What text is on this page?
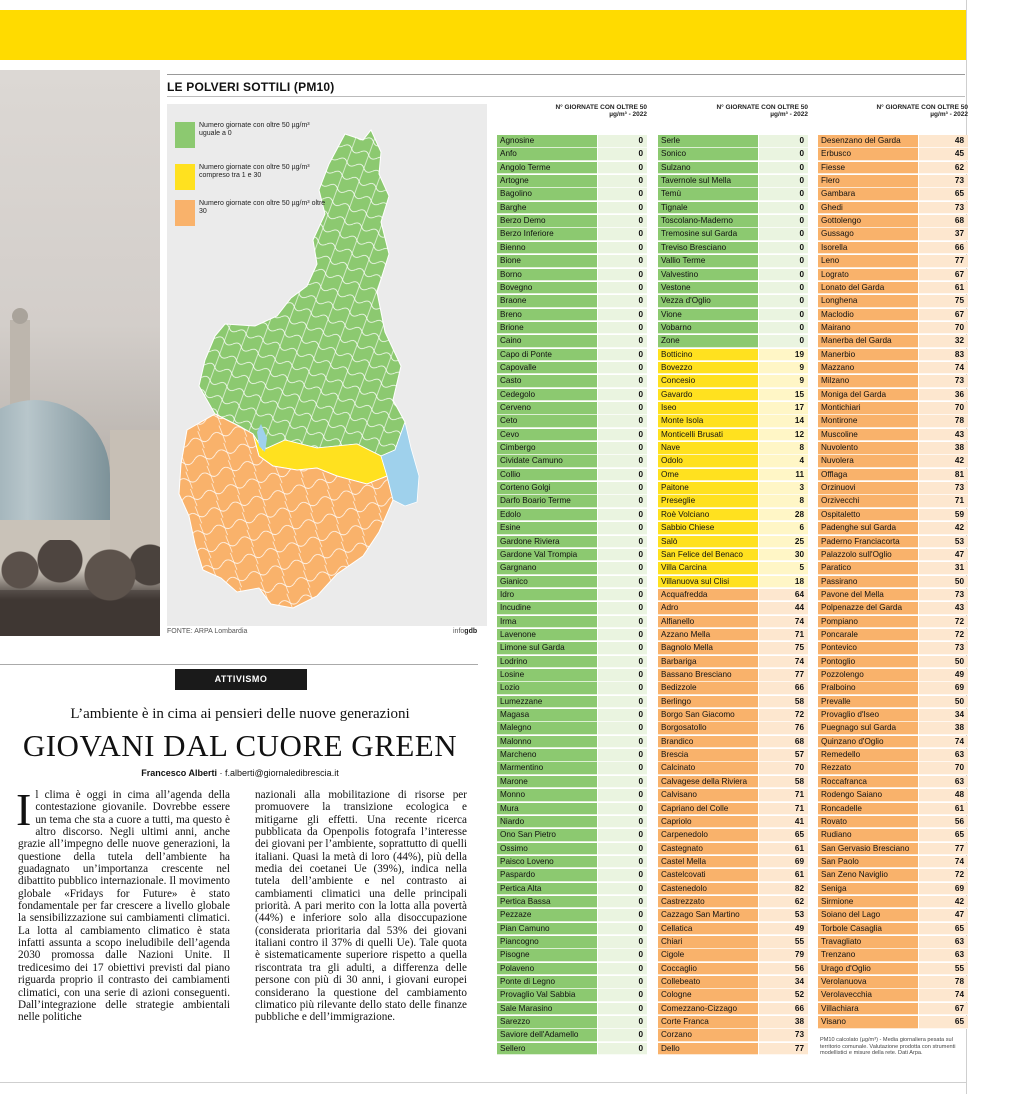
LE POLVERI SOTTILI (PM10)
Numero giornate con oltre 50 µg/m³ uguale a 0
Numero giornate con oltre 50 µg/m³ compreso tra 1 e 30
Numero giornate con oltre 50 µg/m³ oltre 30
FONTE: ARPA Lombardia	infogdb
N° GIORNATE CON OLTRE 50 µg/m³ - 2022
Agnosine	0
Anfo	0
Angolo Terme	0
Artogne	0
Bagolino	0
Barghe	0
Berzo Demo	0
Berzo Inferiore	0
Bienno	0
Bione	0
Borno	0
Bovegno	0
Braone	0
Breno	0
Brione	0
Caino	0
Capo di Ponte	0
Capovalle	0
Casto	0
Cedegolo	0
Cerveno	0
Ceto	0
Cevo	0
Cimbergo	0
Cividate Camuno	0
Collio	0
Corteno Golgi	0
Darfo Boario Terme	0
Edolo	0
Esine	0
Gardone Riviera	0
Gardone Val Trompia	0
Gargnano	0
Gianico	0
Idro	0
Incudine	0
Irma	0
Lavenone	0
Limone sul Garda	0
Lodrino	0
Losine	0
Lozio	0
Lumezzane	0
Magasa	0
Malegno	0
Malonno	0
Marcheno	0
Marmentino	0
Marone	0
Monno	0
Mura	0
Niardo	0
Ono San Pietro	0
Ossimo	0
Paisco Loveno	0
Paspardo	0
Pertica Alta	0
Pertica Bassa	0
Pezzaze	0
Pian Camuno	0
Piancogno	0
Pisogne	0
Polaveno	0
Ponte di Legno	0
Provaglio Val Sabbia	0
Sale Marasino	0
Sarezzo	0
Saviore dell'Adamello	0
Sellero	0
N° GIORNATE CON OLTRE 50 µg/m³ - 2022
Serle	0
Sonico	0
Sulzano	0
Tavernole sul Mella	0
Temù	0
Tignale	0
Toscolano-Maderno	0
Tremosine sul Garda	0
Treviso Bresciano	0
Vallio Terme	0
Valvestino	0
Vestone	0
Vezza d'Oglio	0
Vione	0
Vobarno	0
Zone	0
Botticino	19
Bovezzo	9
Concesio	9
Gavardo	15
Iseo	17
Monte Isola	14
Monticelli Brusati	12
Nave	8
Odolo	4
Ome	11
Paitone	3
Preseglie	8
Roè Volciano	28
Sabbio Chiese	6
Salò	25
San Felice del Benaco	30
Villa Carcina	5
Villanuova sul Clisi	18
Acquafredda	64
Adro	44
Alfianello	74
Azzano Mella	71
Bagnolo Mella	75
Barbariga	74
Bassano Bresciano	77
Bedizzole	66
Berlingo	58
Borgo San Giacomo	72
Borgosatollo	76
Brandico	68
Brescia	57
Calcinato	70
Calvagese della Riviera	58
Calvisano	71
Capriano del Colle	71
Capriolo	41
Carpenedolo	65
Castegnato	61
Castel Mella	69
Castelcovati	61
Castenedolo	82
Castrezzato	62
Cazzago San Martino	53
Cellatica	49
Chiari	55
Cigole	79
Coccaglio	56
Collebeato	34
Cologne	52
Comezzano-Cizzago	66
Corte Franca	38
Corzano	73
Dello	77
N° GIORNATE CON OLTRE 50 µg/m³ - 2022
Desenzano del Garda	48
Erbusco	45
Fiesse	62
Flero	73
Gambara	65
Ghedi	73
Gottolengo	68
Gussago	37
Isorella	66
Leno	77
Lograto	67
Lonato del Garda	61
Longhena	75
Maclodio	67
Mairano	70
Manerba del Garda	32
Manerbio	83
Mazzano	74
Milzano	73
Moniga del Garda	36
Montichiari	70
Montirone	78
Muscoline	43
Nuvolento	38
Nuvolera	42
Offlaga	81
Orzinuovi	73
Orzivecchi	71
Ospitaletto	59
Padenghe sul Garda	42
Paderno Franciacorta	53
Palazzolo sull'Oglio	47
Paratico	31
Passirano	50
Pavone del Mella	73
Polpenazze del Garda	43
Pompiano	72
Poncarale	72
Pontevico	73
Pontoglio	50
Pozzolengo	49
Pralboino	69
Prevalle	50
Provaglio d'Iseo	34
Puegnago sul Garda	38
Quinzano d'Oglio	74
Remedello	63
Rezzato	70
Roccafranca	63
Rodengo Saiano	48
Roncadelle	61
Rovato	56
Rudiano	65
San Gervasio Bresciano	77
San Paolo	74
San Zeno Naviglio	72
Seniga	69
Sirmione	42
Soiano del Lago	47
Torbole Casaglia	65
Travagliato	63
Trenzano	63
Urago d'Oglio	55
Verolanuova	78
Verolavecchia	74
Villachiara	67
Visano	65
PM10 calcolato (µg/m³) - Media giornaliera pesata sul territorio comunale. Valutazione prodotta con strumenti modellistici e misure della rete. Dati Arpa.
ATTIVISMO
L’ambiente è in cima ai pensieri delle nuove generazioni
GIOVANI DAL CUORE GREEN
Francesco Alberti · f.alberti@giornaledibrescia.it
Il clima è oggi in cima all’agenda della contestazione giovanile. Dovrebbe essere un tema che sta a cuore a tutti, ma questo è altro discorso. Negli ultimi anni, anche grazie all’impegno delle nuove generazioni, la questione della tutela dell’ambiente ha guadagnato un’importanza crescente nel dibattito pubblico internazionale. Il movimento globale «Fridays for Future» è stato fondamentale per far crescere a livello globale la sensibilizzazione sui cambiamenti climatici. La lotta al cambiamento climatico è stata infatti assunta a scopo ineludibile dell’agenda 2030 promossa dalle Nazioni Unite. Il tredicesimo dei 17 obiettivi previsti dal piano riguarda proprio il contrasto dei cambiamenti climatici, con una serie di azioni conseguenti. Dall’integrazione delle strategie ambientali nelle politiche
nazionali alla mobilitazione di risorse per promuovere la transizione ecologica e mitigarne gli effetti. Una recente ricerca pubblicata da Openpolis fotografa l’interesse dei giovani per l’ambiente, soprattutto di quelli italiani. Quasi la metà di loro (44%), più della media dei coetanei Ue (39%), indica nella tutela dell’ambiente e nel contrasto ai cambiamenti climatici una delle principali priorità. A pari merito con la lotta alla povertà (44%) e inferiore solo alla disoccupazione (considerata prioritaria dal 53% dei giovani italiani contro il 37% di quelli Ue). Tale quota è sistematicamente superiore rispetto a quella riscontrata tra gli adulti, a differenza delle persone con più di 30 anni, i giovani europei considerano la questione del cambiamento climatico più rilevante dello stato delle finanze pubbliche e dell’immigrazione.
